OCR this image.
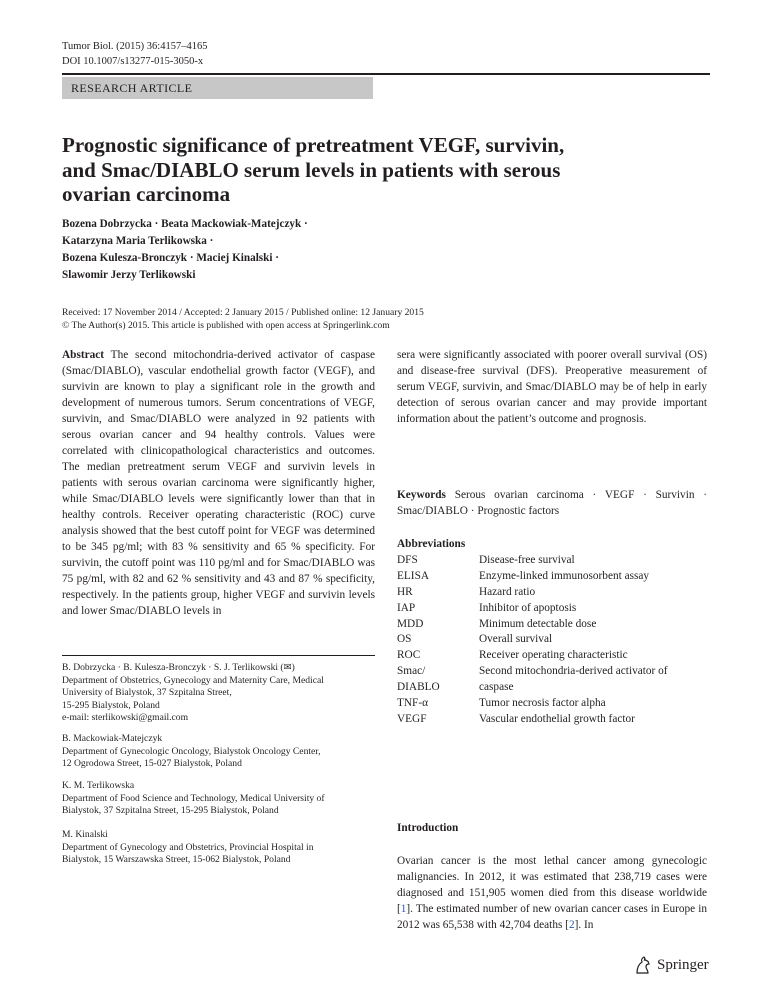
Tumor Biol. (2015) 36:4157–4165
DOI 10.1007/s13277-015-3050-x
RESEARCH ARTICLE
Prognostic significance of pretreatment VEGF, survivin,
and Smac/DIABLO serum levels in patients with serous
ovarian carcinoma
Bozena Dobrzycka · Beata Mackowiak-Matejczyk ·
Katarzyna Maria Terlikowska ·
Bozena Kulesza-Bronczyk · Maciej Kinalski ·
Slawomir Jerzy Terlikowski
Received: 17 November 2014 / Accepted: 2 January 2015 / Published online: 12 January 2015
© The Author(s) 2015. This article is published with open access at Springerlink.com
Abstract The second mitochondria-derived activator of caspase (Smac/DIABLO), vascular endothelial growth factor (VEGF), and survivin are known to play a significant role in the growth and development of numerous tumors. Serum concentrations of VEGF, survivin, and Smac/DIABLO were analyzed in 92 patients with serous ovarian cancer and 94 healthy controls. Values were correlated with clinicopathological characteristics and outcomes. The median pretreatment serum VEGF and survivin levels in patients with serous ovarian carcinoma were significantly higher, while Smac/DIABLO levels were significantly lower than that in healthy controls. Receiver operating characteristic (ROC) curve analysis showed that the best cutoff point for VEGF was determined to be 345 pg/ml; with 83 % sensitivity and 65 % specificity. For survivin, the cutoff point was 110 pg/ml and for Smac/DIABLO was 75 pg/ml, with 82 and 62 % sensitivity and 43 and 87 % specificity, respectively. In the patients group, higher VEGF and survivin levels and lower Smac/DIABLO levels in
B. Dobrzycka · B. Kulesza-Bronczyk · S. J. Terlikowski (✉)
Department of Obstetrics, Gynecology and Maternity Care, Medical
University of Bialystok, 37 Szpitalna Street,
15-295 Bialystok, Poland
e-mail: sterlikowski@gmail.com
B. Mackowiak-Matejczyk
Department of Gynecologic Oncology, Bialystok Oncology Center,
12 Ogrodowa Street, 15-027 Bialystok, Poland
K. M. Terlikowska
Department of Food Science and Technology, Medical University of
Bialystok, 37 Szpitalna Street, 15-295 Bialystok, Poland
M. Kinalski
Department of Gynecology and Obstetrics, Provincial Hospital in
Bialystok, 15 Warszawska Street, 15-062 Bialystok, Poland
sera were significantly associated with poorer overall survival (OS) and disease-free survival (DFS). Preoperative measurement of serum VEGF, survivin, and Smac/DIABLO may be of help in early detection of serous ovarian cancer and may provide important information about the patient’s outcome and prognosis.
Keywords Serous ovarian carcinoma · VEGF · Survivin · Smac/DIABLO · Prognostic factors
Abbreviations
DFS	Disease-free survival
ELISA	Enzyme-linked immunosorbent assay
HR	Hazard ratio
IAP	Inhibitor of apoptosis
MDD	Minimum detectable dose
OS	Overall survival
ROC	Receiver operating characteristic
Smac/	Second mitochondria-derived activator of
DIABLO	caspase
TNF-α	Tumor necrosis factor alpha
VEGF	Vascular endothelial growth factor
Introduction
Ovarian cancer is the most lethal cancer among gynecologic malignancies. In 2012, it was estimated that 238,719 cases were diagnosed and 151,905 women died from this disease worldwide [1]. The estimated number of new ovarian cancer cases in Europe in 2012 was 65,538 with 42,704 deaths [2]. In
Springer
